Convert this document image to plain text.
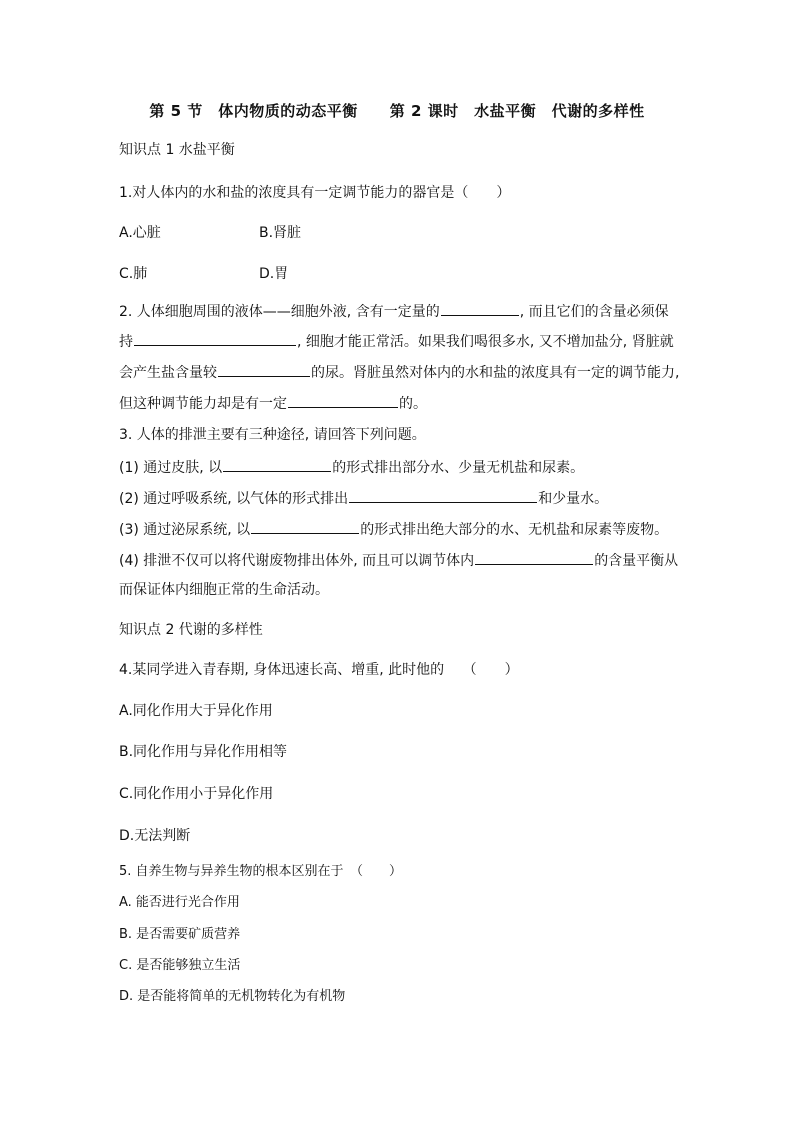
第 5 节　体内物质的动态平衡 第 2 课时　水盐平衡　代谢的多样性
知识点 1 水盐平衡
1.对人体内的水和盐的浓度具有一定调节能力的器官是（　　）
A.心脏	B.肾脏
C.肺	D.胃
2. 人体细胞周围的液体——细胞外液, 含有一定量的	, 而且它们的含量必须保
持	, 细胞才能正常活。如果我们喝很多水, 又不增加盐分, 肾脏就
会产生盐含量较	的尿。肾脏虽然对体内的水和盐的浓度具有一定的调节能力,
但这种调节能力却是有一定	的。
3. 人体的排泄主要有三种途径, 请回答下列问题。
(1) 通过皮肤, 以	的形式排出部分水、少量无机盐和尿素。
(2) 通过呼吸系统, 以气体的形式排出	和少量水。
(3) 通过泌尿系统, 以	的形式排出绝大部分的水、无机盐和尿素等废物。
(4) 排泄不仅可以将代谢废物排出体外, 而且可以调节体内	的含量平衡从
而保证体内细胞正常的生命活动。
知识点 2 代谢的多样性
4.某同学进入青春期, 身体迅速长高、增重, 此时他的　 （　　）
A.同化作用大于异化作用
B.同化作用与异化作用相等
C.同化作用小于异化作用
D.无法判断
5. 自养生物与异养生物的根本区别在于　（　　）
A. 能否进行光合作用
B. 是否需要矿质营养
C. 是否能够独立生活
D. 是否能将简单的无机物转化为有机物
